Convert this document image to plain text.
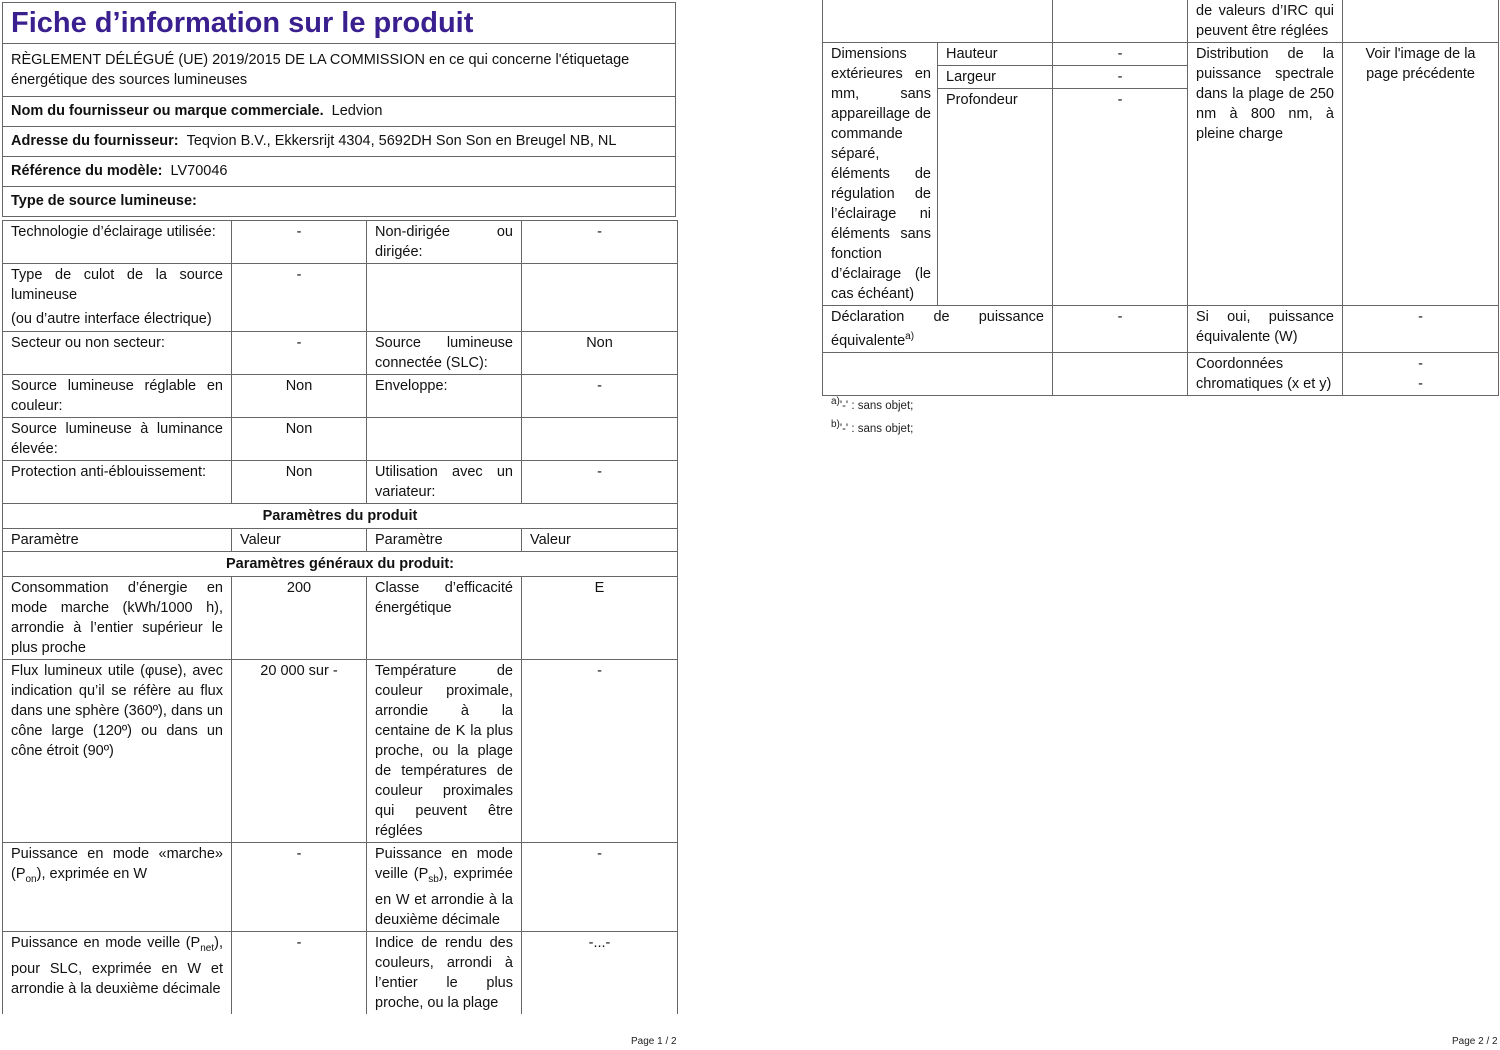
Fiche d’information sur le produit
RÈGLEMENT DÉLÉGUÉ (UE) 2019/2015 DE LA COMMISSION en ce qui concerne l'étiquetage énergétique des sources lumineuses
Nom du fournisseur ou marque commerciale. Ledvion
Adresse du fournisseur: Teqvion B.V., Ekkersrijt 4304, 5692DH Son Son en Breugel NB, NL
Référence du modèle: LV70046
Type de source lumineuse:
Technologie d’éclairage utilisée:	-	Non-dirigée ou dirigée:	-
Type de culot de la source lumineuse
(ou d’autre interface électrique)	-		
Secteur ou non secteur:	-	Source lumineuse connectée (SLC):	Non
Source lumineuse réglable en couleur:	Non	Enveloppe:	-
Source lumineuse à luminance élevée:	Non		
Protection anti-éblouissement:	Non	Utilisation avec un variateur:	-
Paramètres du produit			
Paramètre	Valeur	Paramètre	Valeur
Paramètres généraux du produit:			
Consommation d’énergie en mode marche (kWh/1000 h), arrondie à l’entier supérieur le plus proche	200	Classe d’efficacité énergétique	E
Flux lumineux utile (φuse), avec indication qu’il se réfère au flux dans une sphère (360º), dans un cône large (120º) ou dans un cône étroit (90º)	20 000 sur -	Température de couleur proximale, arrondie à la centaine de K la plus proche, ou la plage de températures de couleur proximales qui peuvent être réglées	-
Puissance en mode «marche» $(P_{on})$, exprimée en W	-	Puissance en mode veille $(P_{sb})$, exprimée en W et arrondie à la deuxième décimale	-
Puissance en mode veille $(P_{net})$, pour SLC, exprimée en W et arrondie à la deuxième décimale	-	Indice de rendu des couleurs, arrondi à l’entier le plus proche, ou la plage	-...-
Page 1 / 2
			de valeurs d’IRC qui peuvent être réglées	
Dimensions extérieures en mm, sans appareillage de commande séparé, éléments de régulation de l’éclairage ni éléments sans fonction d’éclairage (le cas échéant)	Hauteur	-	Distribution de la puissance spectrale dans la plage de 250 nm à 800 nm, à pleine charge	Voir l'image de la page précédente
	Largeur	-		
	Profondeur	-		
Déclaration de puissance équivalente$^{a)}$		-	Si oui, puissance équivalente (W)	-
			Coordonnées chromatiques (x et y)	-
-
$^{a)}$'-' : sans objet;
$^{b)}$'-' : sans objet;
Page 2 / 2
